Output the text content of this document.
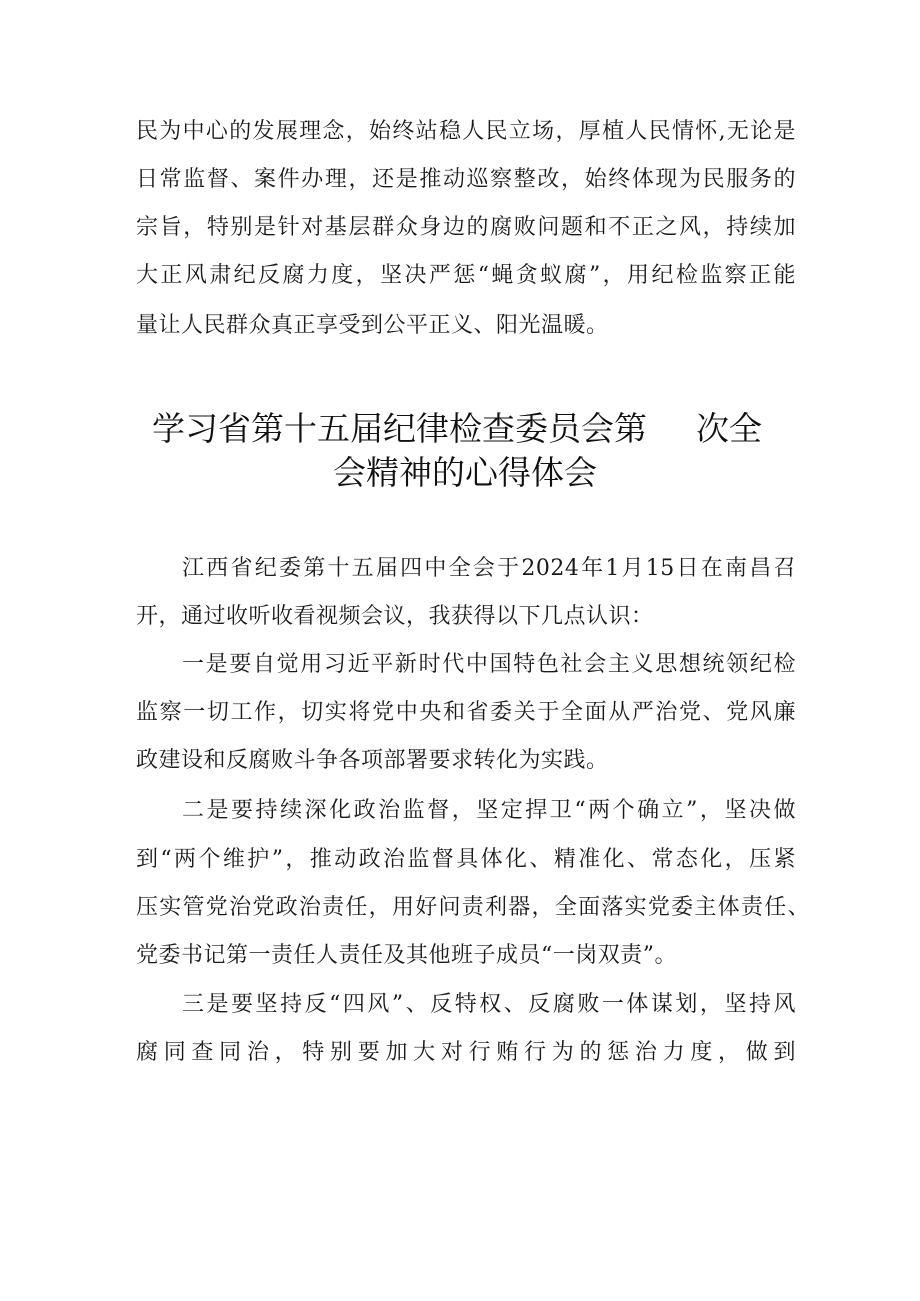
民为中心的发展理念，始终站稳人民立场，厚植人民情怀,无论是
日常监督、案件办理，还是推动巡察整改，始终体现为民服务的
宗旨，特别是针对基层群众身边的腐败问题和不正之风，持续加
大正风肃纪反腐力度，坚决严惩“蝇贪蚁腐”，用纪检监察正能
量让人民群众真正享受到公平正义、阳光温暖。
学习省第十五届纪律检查委员会第 次全
会精神的心得体会
江西省纪委第十五届四中全会于2024年1月15日在南昌召
开，通过收听收看视频会议，我获得以下几点认识：
一是要自觉用习近平新时代中国特色社会主义思想统领纪检
监察一切工作，切实将党中央和省委关于全面从严治党、党风廉
政建设和反腐败斗争各项部署要求转化为实践。
二是要持续深化政治监督，坚定捍卫“两个确立”，坚决做
到“两个维护”，推动政治监督具体化、精准化、常态化，压紧
压实管党治党政治责任，用好问责利器，全面落实党委主体责任、
党委书记第一责任人责任及其他班子成员“一岗双责”。
三是要坚持反“四风”、反特权、反腐败一体谋划，坚持风
腐同查同治，特别要加大对行贿行为的惩治力度，做到
